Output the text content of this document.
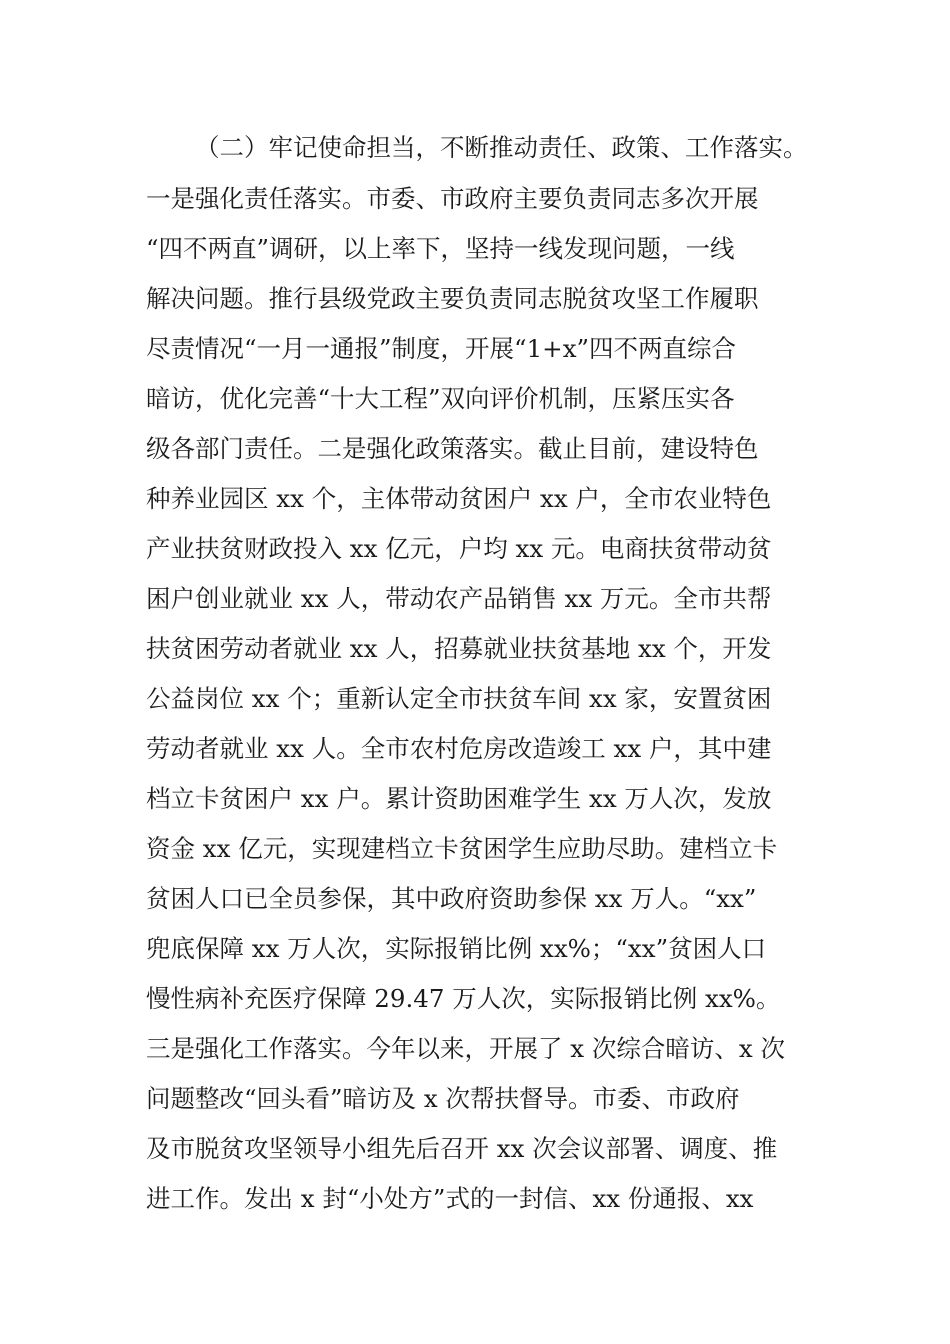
（二）牢记使命担当，不断推动责任、政策、工作落实。
一是强化责任落实。市委、市政府主要负责同志多次开展
“四不两直”调研，以上率下，坚持一线发现问题，一线
解决问题。推行县级党政主要负责同志脱贫攻坚工作履职
尽责情况“一月一通报”制度，开展“1+x”四不两直综合
暗访，优化完善“十大工程”双向评价机制，压紧压实各
级各部门责任。二是强化政策落实。截止目前，建设特色
种养业园区 xx 个，主体带动贫困户 xx 户，全市农业特色
产业扶贫财政投入 xx 亿元，户均 xx 元。电商扶贫带动贫
困户创业就业 xx 人，带动农产品销售 xx 万元。全市共帮
扶贫困劳动者就业 xx 人，招募就业扶贫基地 xx 个，开发
公益岗位 xx 个；重新认定全市扶贫车间 xx 家，安置贫困
劳动者就业 xx 人。全市农村危房改造竣工 xx 户，其中建
档立卡贫困户 xx 户。累计资助困难学生 xx 万人次，发放
资金 xx 亿元，实现建档立卡贫困学生应助尽助。建档立卡
贫困人口已全员参保，其中政府资助参保 xx 万人。“xx”
兜底保障 xx 万人次，实际报销比例 xx%；“xx”贫困人口
慢性病补充医疗保障 29.47 万人次，实际报销比例 xx%。
三是强化工作落实。今年以来，开展了 x 次综合暗访、x 次
问题整改“回头看”暗访及 x 次帮扶督导。市委、市政府
及市脱贫攻坚领导小组先后召开 xx 次会议部署、调度、推
进工作。发出 x 封“小处方”式的一封信、xx 份通报、xx
